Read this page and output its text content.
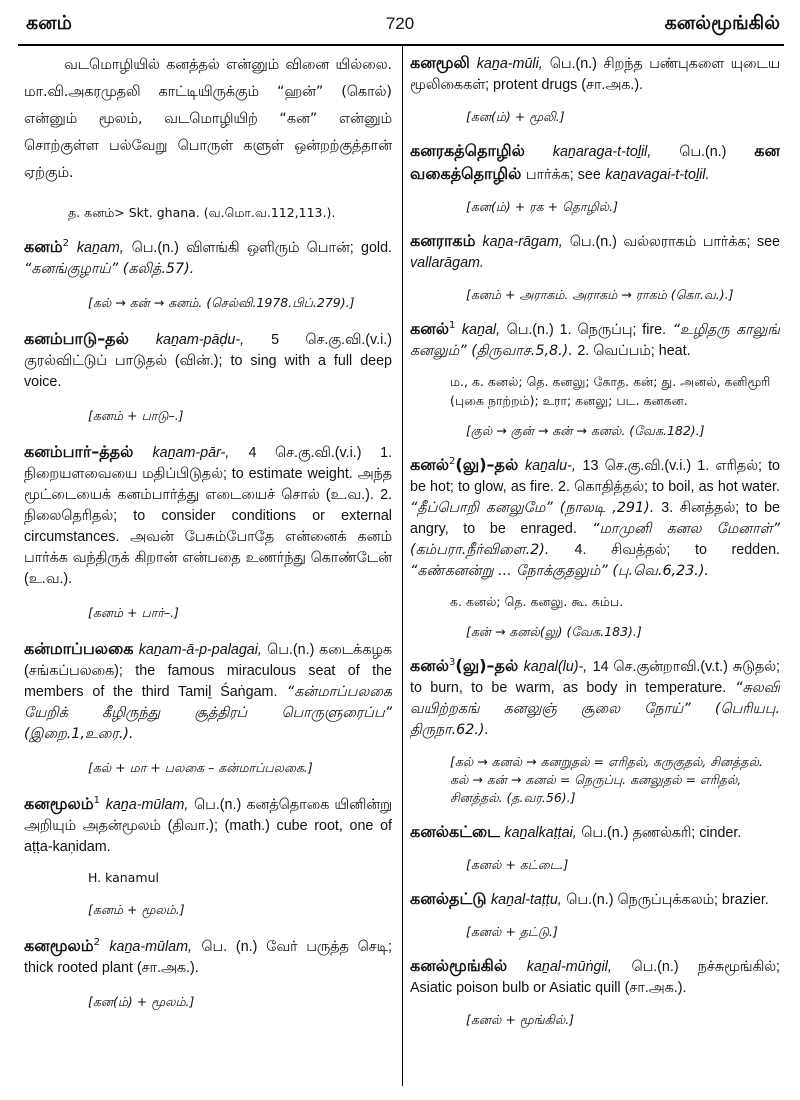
கனம்	720	கனல்மூங்கில்

வடமொழியில் கனத்தல் என்னும் வினை யில்லை. மா.வி.அகரமுதலி காட்டியிருக்கும் “ஹன்” (கொல்) என்னும் மூலம், வடமொழியிற் “கன” என்னும் சொற்குள்ள பல்வேறு பொருள் களுள் ஒன்றற்குத்தான் ஏற்கும்.

த. கனம்> Skt. ghana. (வ.மொ.வ.112,113.).
கனம்$^2$ kaṉam, பெ.(n.) விளங்கி ஒளிரும் பொன்; gold. “கனங்குழாய்” (கலித்.57).
[கல் → கன் → கனம். (செல்வி.1978.பிப்.279).]
கனம்பாடு–தல் kaṉam-pāḍu-, 5 செ.கு.வி.(v.i.) குரல்விட்டுப் பாடுதல் (வின்.); to sing with a full deep voice.
[கனம் + பாடு–.]
கனம்பார்–த்தல் kaṉam-pār-, 4 செ.கு.வி.(v.i.) 1. நிறையளவையை மதிப்பிடுதல்; to estimate weight. அந்த மூட்டையைக் கனம்பார்த்து எடையைச் சொல் (உ.வ.). 2. நிலைதெரிதல்; to consider conditions or external circumstances. அவன் பேசும்போதே என்னைக் கனம் பார்க்க வந்திருக் கிறான் என்பதை உணர்ந்து கொண்டேன் (உ.வ.).
[கனம் + பார்–.]
கன்மாப்பலகை kaṉam-ā-p-palagai, பெ.(n.) கடைக்கழக (சங்கப்பலகை); the famous miraculous seat of the members of the third Tamiḻ Śaṅgam. “கன்மாப்பலகை யேறிக் கீழிருந்து சூத்திரப் பொருளுரைப்ப” (இறை.1,உரை.).
[கல் + மா + பலகை – கன்மாப்பலகை.]
கனமூலம்$^1$ kaṉa-mūlam, பெ.(n.) கனத்தொகை யினின்று அறியும் அதன்மூலம் (திவா.); (math.) cube root, one of aṭṭa-kaṇidam.
H. kanamul
[கனம் + மூலம்.]
கனமூலம்$^2$ kaṉa-mūlam, பெ. (n.) வேர் பருத்த செடி; thick rooted plant (சா.அக.).
[கன(ம்) + மூலம்.]
கனமூலி kaṉa-mūli, பெ.(n.) சிறந்த பண்புகளை யுடைய மூலிகைகள்; protent drugs (சா.அக.).
[கன(ம்) + மூலி.]
கனரகத்தொழில் kaṉaraga-t-toḻil, பெ.(n.) கன வகைத்தொழில் பார்க்க; see kaṉavagai-t-toḻil.
[கன(ம்) + ரக + தொழில்.]
கனராகம் kaṉa-rāgam, பெ.(n.) வல்லராகம் பார்க்க; see vallarāgam.
[கனம் + அராகம். அராகம் → ராகம் (கொ.வ.).]
கனல்$^1$ kaṉal, பெ.(n.) 1. நெருப்பு; fire. “உழிதரு காலுங் கனலும்” (திருவாச.5,8.). 2. வெப்பம்; heat.
ம., க. கனல்; தெ. கனலு; கோத. கன்; து. அனல், கனிமூரி (புகை நாற்றம்); உரா; கனலு; பட. கனகன.
[குல் → குன் → கன் → கனல். (வேக.182).]
கனல்$^2$(லு)–தல் kaṉalu-, 13 செ.கு.வி.(v.i.) 1. எரிதல்; to be hot; to glow, as fire. 2. கொதித்தல்; to boil, as hot water. “தீப்பொறி கனலுமே” (நாலடி ,291). 3. சினத்தல்; to be angry, to be enraged. “மாமுனி கனல மேனாள்” (கம்பரா.நீர்விளை.2). 4. சிவத்தல்; to redden. “கண்கனன்று ... நோக்குதலும்” (பு.வெ.6,23.).
க. கனல்; தெ. கனலு. கூ. கம்ப.
[கன் → கனல்(லு) (வேக.183).]
கனல்$^3$(லு)–தல் kaṉal(lu)-, 14 செ.குன்றாவி.(v.t.) சுடுதல்; to burn, to be warm, as body in temperature. “சுலவி வயிற்றகங் கனலுஞ் சூலை நோய்” (பெரியபு. திருநா.62.).
[கல் → கனல் → கனறுதல் = எரிதல், கருகுதல், சினத்தல். கல் → கன் → கனல் = நெருப்பு. கனலுதல் = எரிதல், சினத்தல். (த.வர.56).]
கனல்கட்டை kaṉalkaṭṭai, பெ.(n.) தணல்கரி; cinder.
[கனல் + கட்டை.]
கனல்தட்டு kaṉal-taṭṭu, பெ.(n.) நெருப்புக்கலம்; brazier.
[கனல் + தட்டு.]
கனல்மூங்கில் kaṉal-mūṅgil, பெ.(n.) நச்சுமூங்கில்; Asiatic poison bulb or Asiatic quill (சா.அக.).
[கனல் + மூங்கில்.]
